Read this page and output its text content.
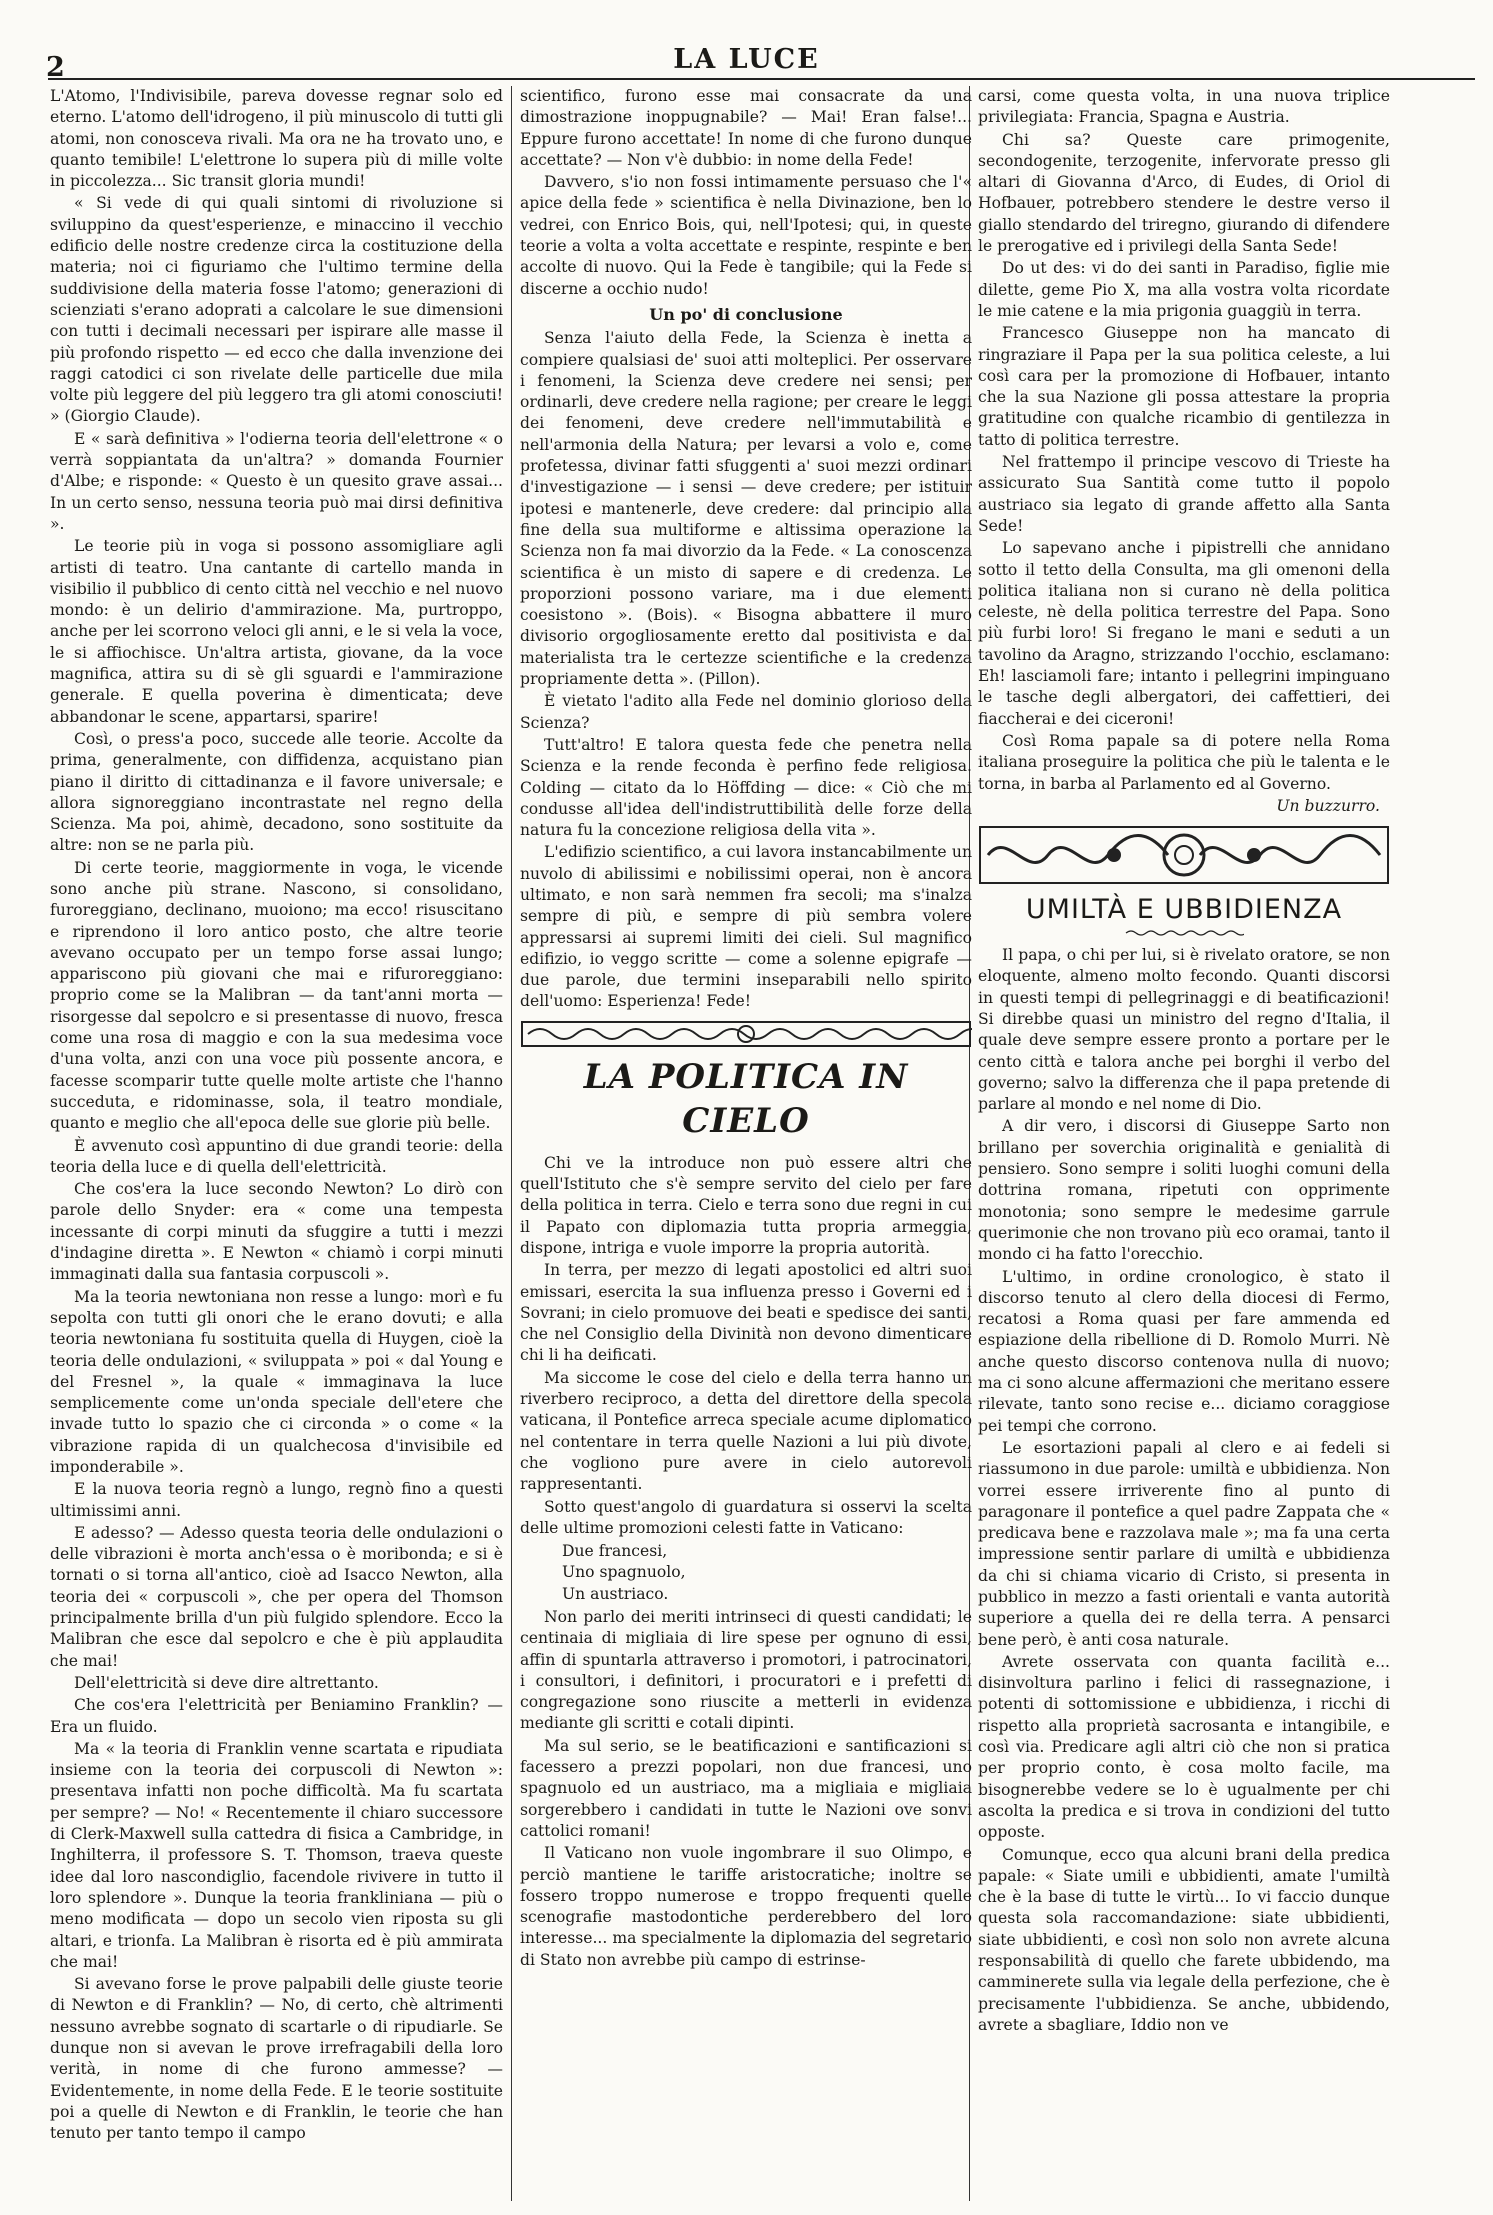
2	LA LUCE

L'Atomo, l'Indivisibile, pareva dovesse regnar solo ed eterno. L'atomo dell'idrogeno, il più minuscolo di tutti gli atomi, non conosceva rivali. Ma ora ne ha trovato uno, e quanto temibile! L'elettrone lo supera più di mille volte in piccolezza... Sic transit gloria mundi!

« Si vede di qui quali sintomi di rivoluzione si sviluppino da quest'esperienze, e minaccino il vecchio edificio delle nostre credenze circa la costituzione della materia; noi ci figuriamo che l'ultimo termine della suddivisione della materia fosse l'atomo; generazioni di scienziati s'erano adoprati a calcolare le sue dimensioni con tutti i decimali necessari per ispirare alle masse il più profondo rispetto — ed ecco che dalla invenzione dei raggi catodici ci son rivelate delle particelle due mila volte più leggere del più leggero tra gli atomi conosciuti! » (Giorgio Claude).

E « sarà definitiva » l'odierna teoria dell'elettrone « o verrà soppiantata da un'altra? » domanda Fournier d'Albe; e risponde: « Questo è un quesito grave assai... In un certo senso, nessuna teoria può mai dirsi definitiva ».

Le teorie più in voga si possono assomigliare agli artisti di teatro. Una cantante di cartello manda in visibilio il pubblico di cento città nel vecchio e nel nuovo mondo: è un delirio d'ammirazione. Ma, purtroppo, anche per lei scorrono veloci gli anni, e le si vela la voce, le si affiochisce. Un'altra artista, giovane, da la voce magnifica, attira su di sè gli sguardi e l'ammirazione generale. E quella poverina è dimenticata; deve abbandonar le scene, appartarsi, sparire!

Così, o press'a poco, succede alle teorie. Accolte da prima, generalmente, con diffidenza, acquistano pian piano il diritto di cittadinanza e il favore universale; e allora signoreggiano incontrastate nel regno della Scienza. Ma poi, ahimè, decadono, sono sostituite da altre: non se ne parla più.

Di certe teorie, maggiormente in voga, le vicende sono anche più strane. Nascono, si consolidano, furoreggiano, declinano, muoiono; ma ecco! risuscitano e riprendono il loro antico posto, che altre teorie avevano occupato per un tempo forse assai lungo; appariscono più giovani che mai e rifuroreggiano: proprio come se la Malibran — da tant'anni morta — risorgesse dal sepolcro e si presentasse di nuovo, fresca come una rosa di maggio e con la sua medesima voce d'una volta, anzi con una voce più possente ancora, e facesse scomparir tutte quelle molte artiste che l'hanno succeduta, e ridominasse, sola, il teatro mondiale, quanto e meglio che all'epoca delle sue glorie più belle.

È avvenuto così appuntino di due grandi teorie: della teoria della luce e di quella dell'elettricità.

Che cos'era la luce secondo Newton? Lo dirò con parole dello Snyder: era « come una tempesta incessante di corpi minuti da sfuggire a tutti i mezzi d'indagine diretta ». E Newton « chiamò i corpi minuti immaginati dalla sua fantasia corpuscoli ».

Ma la teoria newtoniana non resse a lungo: morì e fu sepolta con tutti gli onori che le erano dovuti; e alla teoria newtoniana fu sostituita quella di Huygen, cioè la teoria delle ondulazioni, « sviluppata » poi « dal Young e del Fresnel », la quale « immaginava la luce semplicemente come un'onda speciale dell'etere che invade tutto lo spazio che ci circonda » o come « la vibrazione rapida di un qualchecosa d'invisibile ed imponderabile ».

E la nuova teoria regnò a lungo, regnò fino a questi ultimissimi anni.

E adesso? — Adesso questa teoria delle ondulazioni o delle vibrazioni è morta anch'essa o è moribonda; e si è tornati o si torna all'antico, cioè ad Isacco Newton, alla teoria dei « corpuscoli », che per opera del Thomson principalmente brilla d'un più fulgido splendore. Ecco la Malibran che esce dal sepolcro e che è più applaudita che mai!

Dell'elettricità si deve dire altrettanto.

Che cos'era l'elettricità per Beniamino Franklin? — Era un fluido.

Ma « la teoria di Franklin venne scartata e ripudiata insieme con la teoria dei corpuscoli di Newton »: presentava infatti non poche difficoltà. Ma fu scartata per sempre? — No! « Recentemente il chiaro successore di Clerk-Maxwell sulla cattedra di fisica a Cambridge, in Inghilterra, il professore S. T. Thomson, traeva queste idee dal loro nascondiglio, facendole rivivere in tutto il loro splendore ». Dunque la teoria frankliniana — più o meno modificata — dopo un secolo vien riposta su gli altari, e trionfa. La Malibran è risorta ed è più ammirata che mai!

Si avevano forse le prove palpabili delle giuste teorie di Newton e di Franklin? — No, di certo, chè altrimenti nessuno avrebbe sognato di scartarle o di ripudiarle. Se dunque non si avevan le prove irrefragabili della loro verità, in nome di che furono ammesse? — Evidentemente, in nome della Fede. E le teorie sostituite poi a quelle di Newton e di Franklin, le teorie che han tenuto per tanto tempo il campo

scientifico, furono esse mai consacrate da una dimostrazione inoppugnabile? — Mai! Eran false!... Eppure furono accettate! In nome di che furono dunque accettate? — Non v'è dubbio: in nome della Fede!

Davvero, s'io non fossi intimamente persuaso che l'« apice della fede » scientifica è nella Divinazione, ben lo vedrei, con Enrico Bois, qui, nell'Ipotesi; qui, in queste teorie a volta a volta accettate e respinte, respinte e ben accolte di nuovo. Qui la Fede è tangibile; qui la Fede si discerne a occhio nudo!

Un po' di conclusione

Senza l'aiuto della Fede, la Scienza è inetta a compiere qualsiasi de' suoi atti molteplici. Per osservare i fenomeni, la Scienza deve credere nei sensi; per ordinarli, deve credere nella ragione; per creare le leggi dei fenomeni, deve credere nell'immutabilità e nell'armonia della Natura; per levarsi a volo e, come profetessa, divinar fatti sfuggenti a' suoi mezzi ordinari d'investigazione — i sensi — deve credere; per istituir ipotesi e mantenerle, deve credere: dal principio alla fine della sua multiforme e altissima operazione la Scienza non fa mai divorzio da la Fede. « La conoscenza scientifica è un misto di sapere e di credenza. Le proporzioni possono variare, ma i due elementi coesistono ». (Bois). « Bisogna abbattere il muro divisorio orgogliosamente eretto dal positivista e dal materialista tra le certezze scientifiche e la credenza propriamente detta ». (Pillon).

È vietato l'adito alla Fede nel dominio glorioso della Scienza?

Tutt'altro! E talora questa fede che penetra nella Scienza e la rende feconda è perfino fede religiosa. Colding — citato da lo Höffding — dice: « Ciò che mi condusse all'idea dell'indistruttibilità delle forze della natura fu la concezione religiosa della vita ».

L'edifizio scientifico, a cui lavora instancabilmente un nuvolo di abilissimi e nobilissimi operai, non è ancora ultimato, e non sarà nemmen fra secoli; ma s'inalza sempre di più, e sempre di più sembra volere appressarsi ai supremi limiti dei cieli. Sul magnifico edifizio, io veggo scritte — come a solenne epigrafe — due parole, due termini inseparabili nello spirito dell'uomo: Esperienza! Fede!

LA POLITICA IN CIELO

Chi ve la introduce non può essere altri che quell'Istituto che s'è sempre servito del cielo per fare della politica in terra. Cielo e terra sono due regni in cui il Papato con diplomazia tutta propria armeggia, dispone, intriga e vuole imporre la propria autorità.

In terra, per mezzo di legati apostolici ed altri suoi emissari, esercita la sua influenza presso i Governi ed i Sovrani; in cielo promuove dei beati e spedisce dei santi, che nel Consiglio della Divinità non devono dimenticare chi li ha deificati.

Ma siccome le cose del cielo e della terra hanno un riverbero reciproco, a detta del direttore della specola vaticana, il Pontefice arreca speciale acume diplomatico nel contentare in terra quelle Nazioni a lui più divote, che vogliono pure avere in cielo autorevoli rappresentanti.

Sotto quest'angolo di guardatura si osservi la scelta delle ultime promozioni celesti fatte in Vaticano:

Due francesi,
Uno spagnuolo,
Un austriaco.

Non parlo dei meriti intrinseci di questi candidati; le centinaia di migliaia di lire spese per ognuno di essi, affin di spuntarla attraverso i promotori, i patrocinatori, i consultori, i definitori, i procuratori e i prefetti di congregazione sono riuscite a metterli in evidenza mediante gli scritti e cotali dipinti.

Ma sul serio, se le beatificazioni e santificazioni si facessero a prezzi popolari, non due francesi, uno spagnuolo ed un austriaco, ma a migliaia e migliaia sorgerebbero i candidati in tutte le Nazioni ove sonvi cattolici romani!

Il Vaticano non vuole ingombrare il suo Olimpo, e perciò mantiene le tariffe aristocratiche; inoltre se fossero troppo numerose e troppo frequenti quelle scenografie mastodontiche perderebbero del loro interesse... ma specialmente la diplomazia del segretario di Stato non avrebbe più campo di estrinse-

carsi, come questa volta, in una nuova triplice privilegiata: Francia, Spagna e Austria.

Chi sa? Queste care primogenite, secondogenite, terzogenite, infervorate presso gli altari di Giovanna d'Arco, di Eudes, di Oriol di Hofbauer, potrebbero stendere le destre verso il giallo stendardo del triregno, giurando di difendere le prerogative ed i privilegi della Santa Sede!

Do ut des: vi do dei santi in Paradiso, figlie mie dilette, geme Pio X, ma alla vostra volta ricordate le mie catene e la mia prigonia guaggiù in terra.

Francesco Giuseppe non ha mancato di ringraziare il Papa per la sua politica celeste, a lui così cara per la promozione di Hofbauer, intanto che la sua Nazione gli possa attestare la propria gratitudine con qualche ricambio di gentilezza in tatto di politica terrestre.

Nel frattempo il principe vescovo di Trieste ha assicurato Sua Santità come tutto il popolo austriaco sia legato di grande affetto alla Santa Sede!

Lo sapevano anche i pipistrelli che annidano sotto il tetto della Consulta, ma gli omenoni della politica italiana non si curano nè della politica celeste, nè della politica terrestre del Papa. Sono più furbi loro! Si fregano le mani e seduti a un tavolino da Aragno, strizzando l'occhio, esclamano: Eh! lasciamoli fare; intanto i pellegrini impinguano le tasche degli albergatori, dei caffettieri, dei fiaccherai e dei ciceroni!

Così Roma papale sa di potere nella Roma italiana proseguire la politica che più le talenta e le torna, in barba al Parlamento ed al Governo.

Un buzzurro.
UMILTÀ E UBBIDIENZA

Il papa, o chi per lui, si è rivelato oratore, se non eloquente, almeno molto fecondo. Quanti discorsi in questi tempi di pellegrinaggi e di beatificazioni! Si direbbe quasi un ministro del regno d'Italia, il quale deve sempre essere pronto a portare per le cento città e talora anche pei borghi il verbo del governo; salvo la differenza che il papa pretende di parlare al mondo e nel nome di Dio.

A dir vero, i discorsi di Giuseppe Sarto non brillano per soverchia originalità e genialità di pensiero. Sono sempre i soliti luoghi comuni della dottrina romana, ripetuti con opprimente monotonia; sono sempre le medesime garrule querimonie che non trovano più eco oramai, tanto il mondo ci ha fatto l'orecchio.

L'ultimo, in ordine cronologico, è stato il discorso tenuto al clero della diocesi di Fermo, recatosi a Roma quasi per fare ammenda ed espiazione della ribellione di D. Romolo Murri. Nè anche questo discorso contenova nulla di nuovo; ma ci sono alcune affermazioni che meritano essere rilevate, tanto sono recise e... diciamo coraggiose pei tempi che corrono.

Le esortazioni papali al clero e ai fedeli si riassumono in due parole: umiltà e ubbidienza. Non vorrei essere irriverente fino al punto di paragonare il pontefice a quel padre Zappata che « predicava bene e razzolava male »; ma fa una certa impressione sentir parlare di umiltà e ubbidienza da chi si chiama vicario di Cristo, si presenta in pubblico in mezzo a fasti orientali e vanta autorità superiore a quella dei re della terra. A pensarci bene però, è anti cosa naturale.

Avrete osservata con quanta facilità e... disinvoltura parlino i felici di rassegnazione, i potenti di sottomissione e ubbidienza, i ricchi di rispetto alla proprietà sacrosanta e intangibile, e così via. Predicare agli altri ciò che non si pratica per proprio conto, è cosa molto facile, ma bisognerebbe vedere se lo è ugualmente per chi ascolta la predica e si trova in condizioni del tutto opposte.

Comunque, ecco qua alcuni brani della predica papale: « Siate umili e ubbidienti, amate l'umiltà che è la base di tutte le virtù... Io vi faccio dunque questa sola raccomandazione: siate ubbidienti, siate ubbidienti, e così non solo non avrete alcuna responsabilità di quello che farete ubbidendo, ma camminerete sulla via legale della perfezione, che è precisamente l'ubbidienza. Se anche, ubbidendo, avrete a sbagliare, Iddio non ve
